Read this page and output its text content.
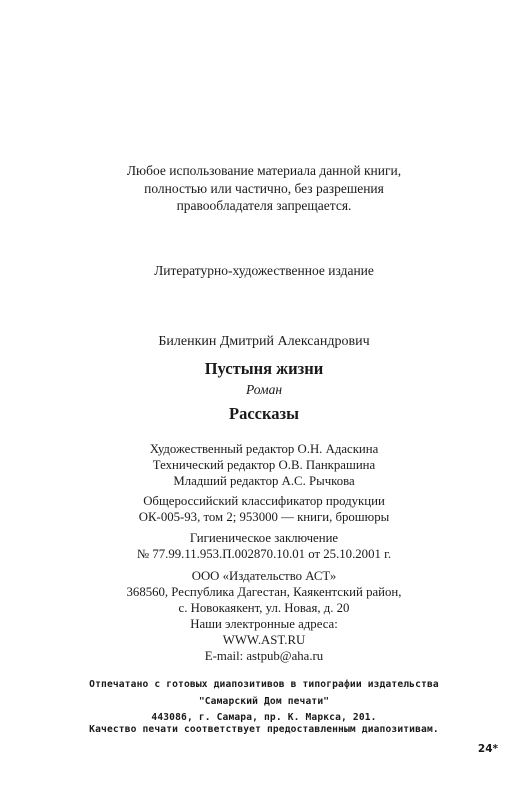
Любое использование материала данной книги,
полностью или частично, без разрешения
правообладателя запрещается.
Литературно-художественное издание
Биленкин Дмитрий Александрович
Пустыня жизни
Роман
Рассказы
Художественный редактор О.Н. Адаскина
Технический редактор О.В. Панкрашина
Младший редактор А.С. Рычкова
Общероссийский классификатор продукции
ОК-005-93, том 2; 953000 — книги, брошюры
Гигиеническое заключение
№ 77.99.11.953.П.002870.10.01 от 25.10.2001 г.
ООО «Издательство АСТ»
368560, Республика Дагестан, Каякентский район,
с. Новокаякент, ул. Новая, д. 20
Наши электронные адреса:
WWW.AST.RU
E-mail: astpub@aha.ru
Отпечатано с готовых диапозитивов в типографии издательства
"Самарский Дом печати"
443086, г. Самара, пр. К. Маркса, 201.
Качество печати соответствует предоставленным диапозитивам.
24*
